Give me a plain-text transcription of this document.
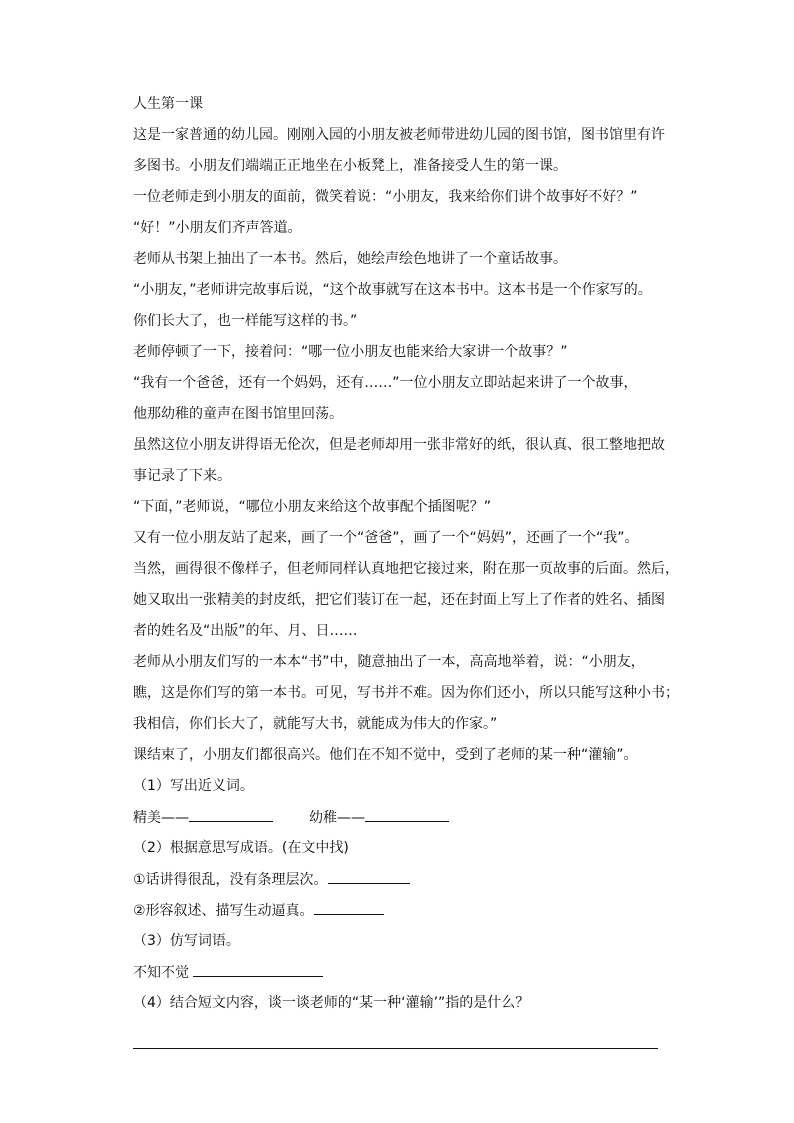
人生第一课
这是一家普通的幼儿园。刚刚入园的小朋友被老师带进幼儿园的图书馆，图书馆里有许
多图书。小朋友们端端正正地坐在小板凳上，准备接受人生的第一课。
一位老师走到小朋友的面前，微笑着说：“小朋友，我来给你们讲个故事好不好？”
“好！”小朋友们齐声答道。
老师从书架上抽出了一本书。然后，她绘声绘色地讲了一个童话故事。
“小朋友，”老师讲完故事后说，“这个故事就写在这本书中。这本书是一个作家写的。
你们长大了，也一样能写这样的书。”
老师停顿了一下，接着问：“哪一位小朋友也能来给大家讲一个故事？”
“我有一个爸爸，还有一个妈妈，还有……”一位小朋友立即站起来讲了一个故事，
他那幼稚的童声在图书馆里回荡。
虽然这位小朋友讲得语无伦次，但是老师却用一张非常好的纸，很认真、很工整地把故
事记录了下来。
“下面，”老师说，“哪位小朋友来给这个故事配个插图呢？”
又有一位小朋友站了起来，画了一个“爸爸”，画了一个“妈妈”，还画了一个“我”。
当然，画得很不像样子，但老师同样认真地把它接过来，附在那一页故事的后面。然后，
她又取出一张精美的封皮纸，把它们装订在一起，还在封面上写上了作者的姓名、插图
者的姓名及“出版”的年、月、日……
老师从小朋友们写的一本本“书”中，随意抽出了一本，高高地举着，说：“小朋友，
瞧，这是你们写的第一本书。可见，写书并不难。因为你们还小，所以只能写这种小书；
我相信，你们长大了，就能写大书，就能成为伟大的作家。”
课结束了，小朋友们都很高兴。他们在不知不觉中，受到了老师的某一种“灌输”。
（1）写出近义词。
精美——	幼稚——
（2）根据意思写成语。(在文中找)
①话讲得很乱，没有条理层次。
②形容叙述、描写生动逼真。
（3）仿写词语。
不知不觉
（4）结合短文内容，谈一谈老师的“某一种‘灌输’”指的是什么？
